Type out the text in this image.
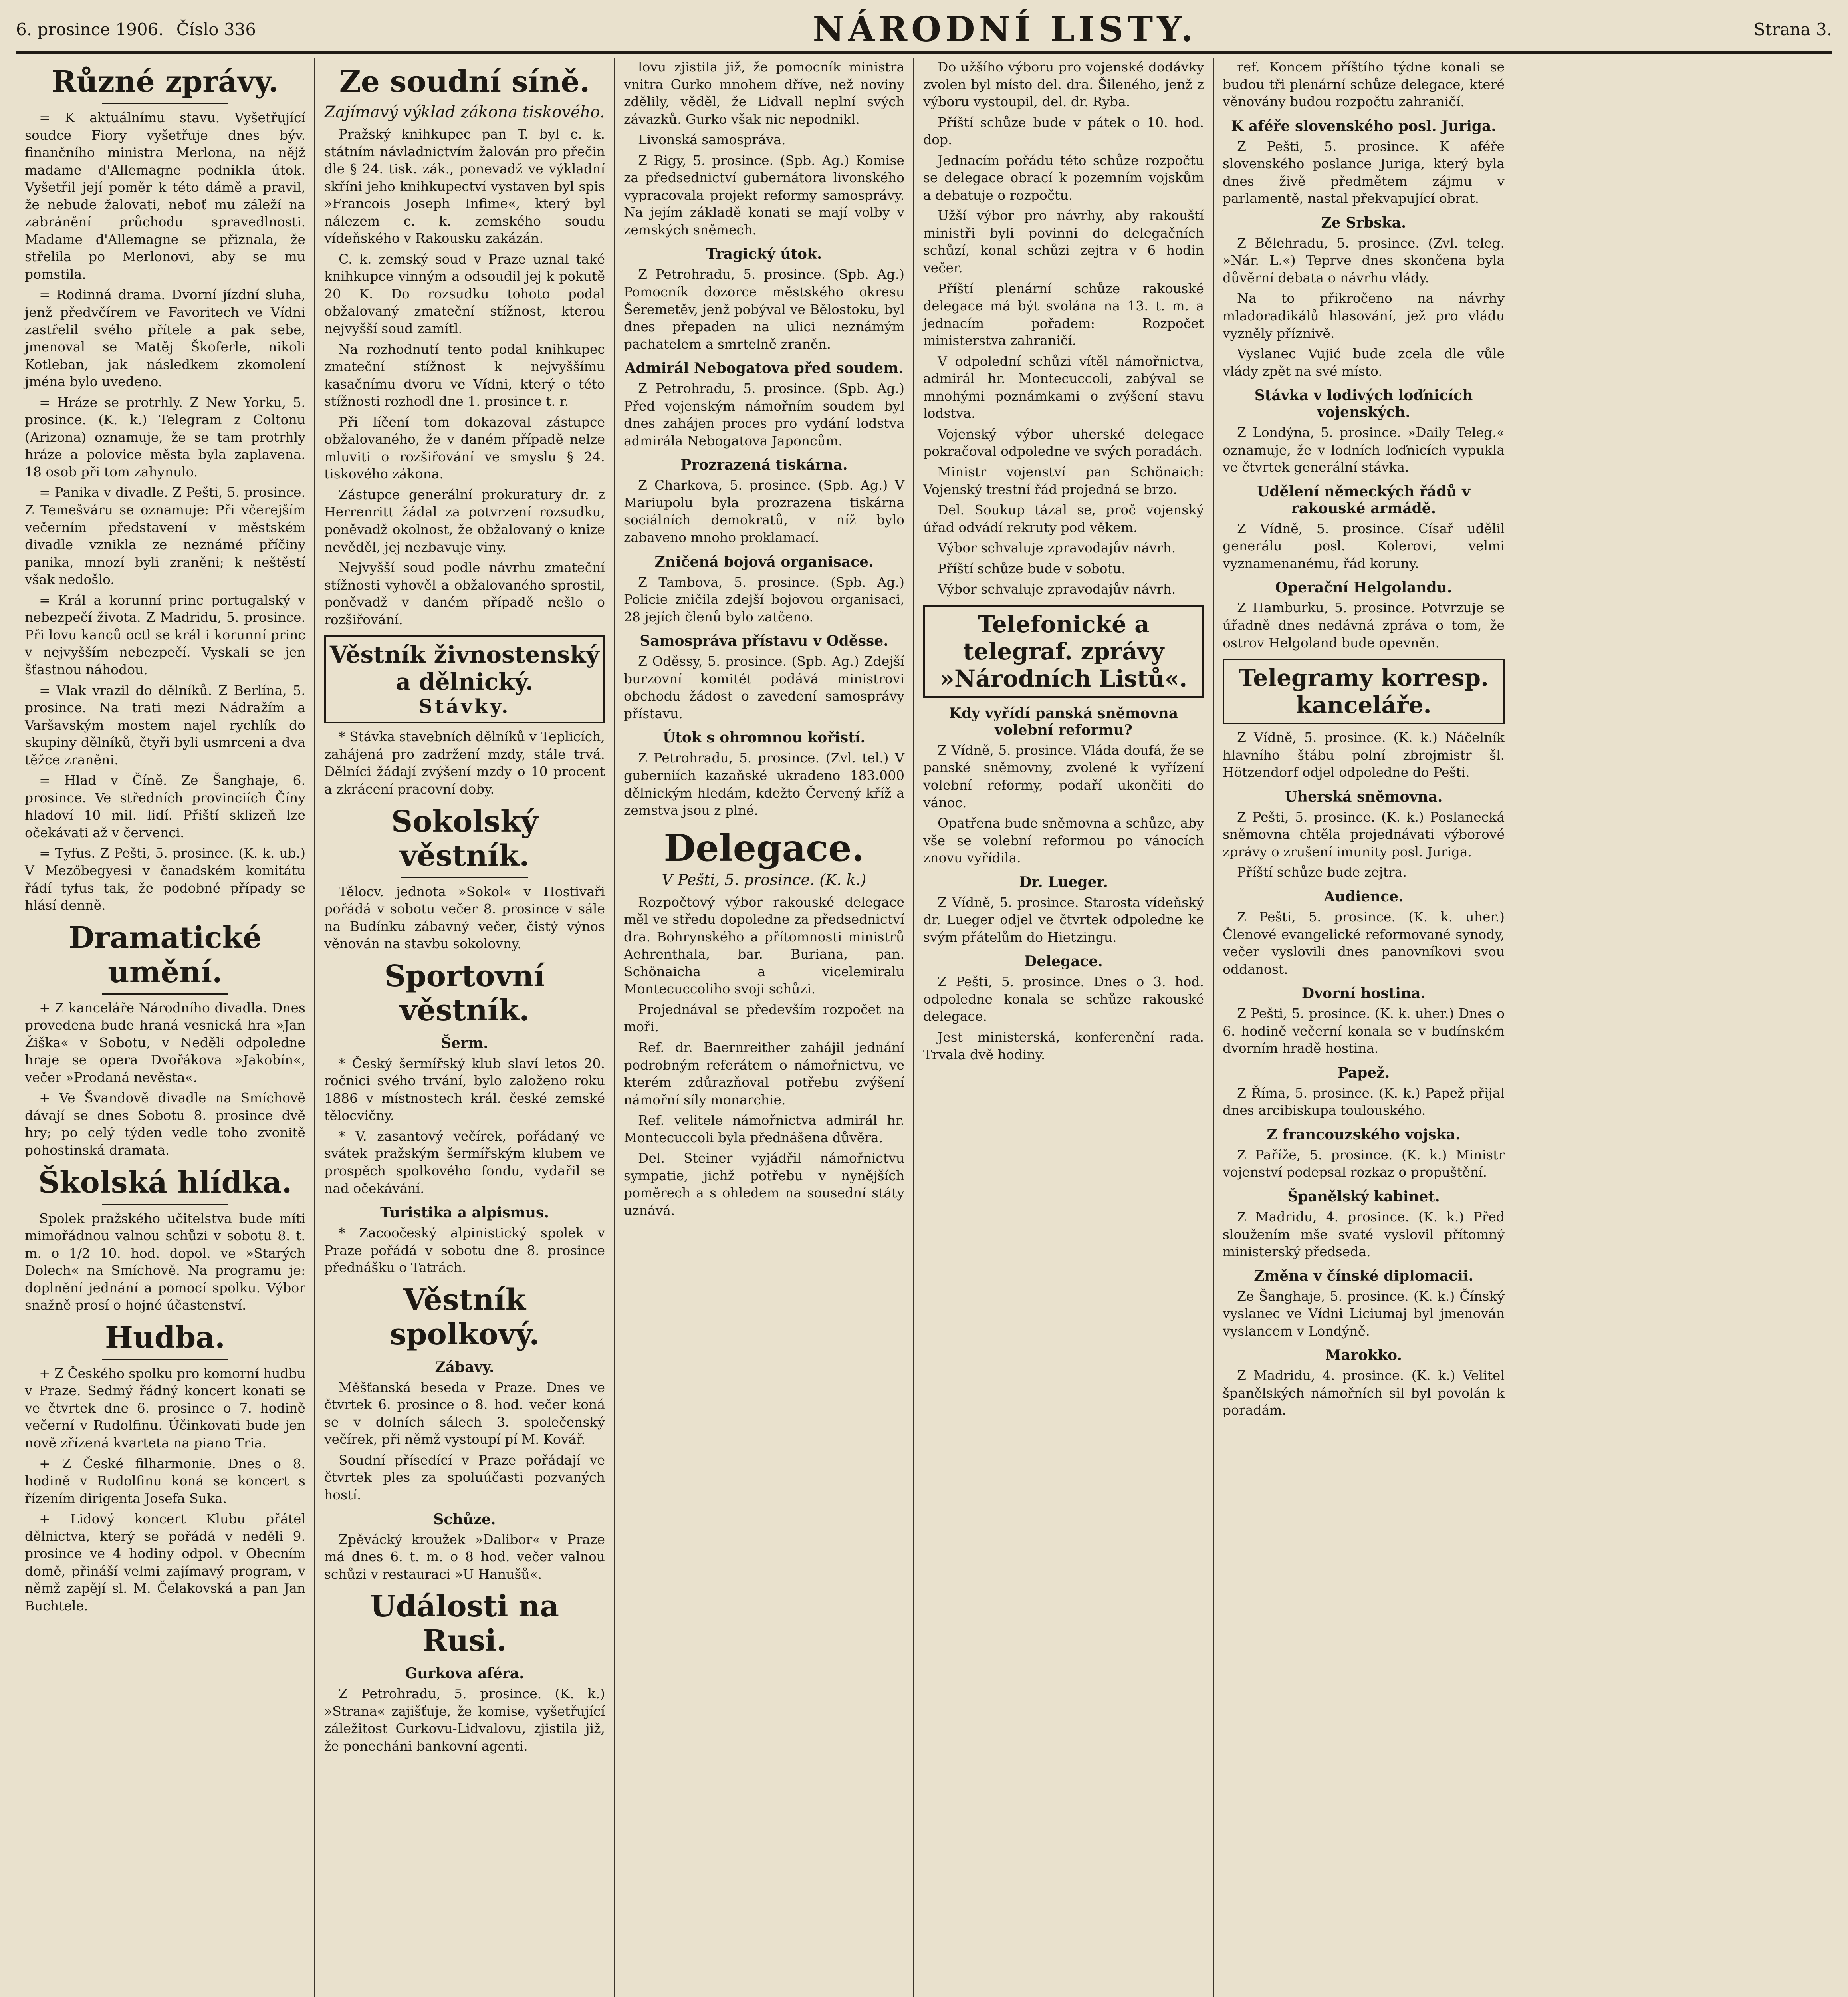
6. prosince 1906. Číslo 336	NÁRODNÍ LISTY.	Strana 3.
Různé zprávy.

= K aktuálnímu stavu. Vyšetřující soudce Fiory vyšetřuje dnes býv. finančního ministra Merlona, na nějž madame d'Allemagne podnikla útok. Vyšetřil její poměr k této dámě a pravil, že nebude žalovati, neboť mu záleží na zabránění průchodu spravedlnosti. Madame d'Allemagne se přiznala, že střelila po Merlonovi, aby se mu pomstila.

= Rodinná drama. Dvorní jízdní sluha, jenž předvčírem ve Favoritech ve Vídni zastřelil svého přítele a pak sebe, jmenoval se Matěj Škoferle, nikoli Kotleban, jak následkem zkomolení jména bylo uvedeno.

= Hráze se protrhly. Z New Yorku, 5. prosince. (K. k.) Telegram z Coltonu (Arizona) oznamuje, že se tam protrhly hráze a polovice města byla zaplavena. 18 osob při tom zahynulo.

= Panika v divadle. Z Pešti, 5. prosince. Z Temešváru se oznamuje: Při včerejším večerním představení v městském divadle vznikla ze neznámé příčiny panika, mnozí byli zraněni; k neštěstí však nedošlo.

= Král a korunní princ portugalský v nebezpečí života. Z Madridu, 5. prosince. Při lovu kanců octl se král i korunní princ v nejvyšším nebezpečí. Vyskali se jen šťastnou náhodou.

= Vlak vrazil do dělníků. Z Berlína, 5. prosince. Na trati mezi Nádražím a Varšavským mostem najel rychlík do skupiny dělníků, čtyři byli usmrceni a dva těžce zraněni.

= Hlad v Číně. Ze Šanghaje, 6. prosince. Ve středních provinciích Číny hladoví 10 mil. lidí. Přiští sklizeň lze očekávati až v červenci.

= Tyfus. Z Pešti, 5. prosince. (K. k. ub.) V Mezőbegyesi v čanadském komitátu řádí tyfus tak, že podobné případy se hlásí denně.

Dramatické umění.

+ Z kanceláře Národního divadla. Dnes provedena bude hraná vesnická hra »Jan Žiška« v Sobotu, v Neděli odpoledne hraje se opera Dvořákova »Jakobín«, večer »Prodaná nevěsta«.

+ Ve Švandově divadle na Smíchově dávají se dnes Sobotu 8. prosince dvě hry; po celý týden vedle toho zvonitě pohostinská dramata.

Školská hlídka.

Spolek pražského učitelstva bude míti mimořádnou valnou schůzi v sobotu 8. t. m. o 1/2 10. hod. dopol. ve »Starých Dolech« na Smíchově. Na programu je: doplnění jednání a pomocí spolku. Výbor snažně prosí o hojné účastenství.

Hudba.

+ Z Českého spolku pro komorní hudbu v Praze. Sedmý řádný koncert konati se ve čtvrtek dne 6. prosince o 7. hodině večerní v Rudolfinu. Účinkovati bude jen nově zřízená kvarteta na piano Tria.

+ Z České filharmonie. Dnes o 8. hodině v Rudolfinu koná se koncert s řízením dirigenta Josefa Suka.

+ Lidový koncert Klubu přátel dělnictva, který se pořádá v neděli 9. prosince ve 4 hodiny odpol. v Obecním domě, přináší velmi zajímavý program, v němž zapějí sl. M. Čelakovská a pan Jan Buchtele.

Ze soudní síně.
Zajímavý výklad zákona tiskového.

Pražský knihkupec pan T. byl c. k. státním návladnictvím žalován pro přečin dle § 24. tisk. zák., ponevadž ve výkladní skříni jeho knihkupectví vystaven byl spis »Francois Joseph Infime«, který byl nálezem c. k. zemského soudu vídeňského v Rakousku zakázán.

C. k. zemský soud v Praze uznal také knihkupce vinným a odsoudil jej k pokutě 20 K. Do rozsudku tohoto podal obžalovaný zmateční stížnost, kterou nejvyšší soud zamítl.

Na rozhodnutí tento podal knihkupec zmateční stížnost k nejvyššímu kasačnímu dvoru ve Vídni, který o této stížnosti rozhodl dne 1. prosince t. r.

Při líčení tom dokazoval zástupce obžalovaného, že v daném případě nelze mluviti o rozšiřování ve smyslu § 24. tiskového zákona.

Zástupce generální prokuratury dr. z Herrenritt žádal za potvrzení rozsudku, poněvadž okolnost, že obžalovaný o knize nevěděl, jej nezbavuje viny.

Nejvyšší soud podle návrhu zmateční stížnosti vyhověl a obžalovaného sprostil, poněvadž v daném případě nešlo o rozšiřování.

Věstník živnostenský a dělnický.
Stávky.

* Stávka stavebních dělníků v Teplicích, zahájená pro zadržení mzdy, stále trvá. Dělníci žádají zvýšení mzdy o 10 procent a zkrácení pracovní doby.

Sokolský věstník.

Tělocv. jednota »Sokol« v Hostivaři pořádá v sobotu večer 8. prosince v sále na Budínku zábavný večer, čistý výnos věnován na stavbu sokolovny.

Sportovní věstník.
Šerm.

* Český šermířský klub slaví letos 20. ročnici svého trvání, bylo založeno roku 1886 v místnostech král. české zemské tělocvičny.

* V. zasantový večírek, pořádaný ve svátek pražským šermířským klubem ve prospěch spolkového fondu, vydařil se nad očekávání.

Turistika a alpismus.

* Zacoočeský alpinistický spolek v Praze pořádá v sobotu dne 8. prosince přednášku o Tatrách.

Věstník spolkový.
Zábavy.

Měšťanská beseda v Praze. Dnes ve čtvrtek 6. prosince o 8. hod. večer koná se v dolních sálech 3. společenský večírek, při němž vystoupí pí M. Kovář.

Soudní přísedící v Praze pořádají ve čtvrtek ples za spoluúčasti pozvaných hostí.

Schůze.

Zpěvácký kroužek »Dalibor« v Praze má dnes 6. t. m. o 8 hod. večer valnou schůzi v restauraci »U Hanušů«.

Události na Rusi.
Gurkova aféra.

Z Petrohradu, 5. prosince. (K. k.) »Strana« zajišťuje, že komise, vyšetřující záležitost Gurkovu-Lidvalovu, zjistila již, že ponecháni bankovní agenti.

lovu zjistila již, že pomocník ministra vnitra Gurko mnohem dříve, než noviny zdělily, věděl, že Lidvall neplní svých závazků. Gurko však nic nepodnikl.

Livonská samospráva.

Z Rigy, 5. prosince. (Spb. Ag.) Komise za předsednictví gubernátora livonského vypracovala projekt reformy samosprávy. Na jejím základě konati se mají volby v zemských sněmech.

Tragický útok.

Z Petrohradu, 5. prosince. (Spb. Ag.) Pomocník dozorce městského okresu Šeremetěv, jenž pobýval ve Bělostoku, byl dnes přepaden na ulici neznámým pachatelem a smrtelně zraněn.

Admirál Nebogatova před soudem.

Z Petrohradu, 5. prosince. (Spb. Ag.) Před vojenským námořním soudem byl dnes zahájen proces pro vydání lodstva admirála Nebogatova Japoncům.

Prozrazená tiskárna.

Z Charkova, 5. prosince. (Spb. Ag.) V Mariupolu byla prozrazena tiskárna sociálních demokratů, v níž bylo zabaveno mnoho proklamací.

Zničená bojová organisace.

Z Tambova, 5. prosince. (Spb. Ag.) Policie zničila zdejší bojovou organisaci, 28 jejích členů bylo zatčeno.

Samospráva přístavu v Oděsse.

Z Oděssy, 5. prosince. (Spb. Ag.) Zdejší burzovní komitét podává ministrovi obchodu žádost o zavedení samosprávy přístavu.

Útok s ohromnou kořistí.

Z Petrohradu, 5. prosince. (Zvl. tel.) V guberniích kazaňské ukradeno 183.000 dělnickým hledám, kdežto Červený kříž a zemstva jsou z plné.

Delegace.
V Pešti, 5. prosince. (K. k.)

Rozpočtový výbor rakouské delegace měl ve středu dopoledne za předsednictví dra. Bohrynského a přítomnosti ministrů Aehrenthala, bar. Buriana, pan. Schönaicha a vicelemiralu Montecuccoliho svoji schůzi.

Projednával se především rozpočet na moři.

Ref. dr. Baernreither zahájil jednání podrobným referátem o námořnictvu, ve kterém zdůrazňoval potřebu zvýšení námořní síly monarchie.

Ref. velitele námořnictva admirál hr. Montecuccoli byla přednášena důvěra.

Del. Steiner vyjádřil námořnictvu sympatie, jichž potřebu v nynějších poměrech a s ohledem na sousední státy uznává.

Do užšího výboru pro vojenské dodávky zvolen byl místo del. dra. Šileného, jenž z výboru vystoupil, del. dr. Ryba.

Příští schůze bude v pátek o 10. hod. dop.

Jednacím pořádu této schůze rozpočtu se delegace obrací k pozemním vojskům a debatuje o rozpočtu.

Užší výbor pro návrhy, aby rakouští ministři byli povinni do delegačních schůzí, konal schůzi zejtra v 6 hodin večer.

Příští plenární schůze rakouské delegace má být svolána na 13. t. m. a jednacím pořadem: Rozpočet ministerstva zahraničí.

V odpolední schůzi vítěl námořnictva, admirál hr. Montecuccoli, zabýval se mnohými poznámkami o zvýšení stavu lodstva.

Vojenský výbor uherské delegace pokračoval odpoledne ve svých poradách.

Ministr vojenství pan Schönaich: Vojenský trestní řád projedná se brzo.

Del. Soukup tázal se, proč vojenský úřad odvádí rekruty pod věkem.

Výbor schvaluje zpravodajův návrh.

Příští schůze bude v sobotu.

Výbor schvaluje zpravodajův návrh.

Telefonické a telegraf. zprávy »Národních Listů«.
Kdy vyřídí panská sněmovna volební reformu?

Z Vídně, 5. prosince. Vláda doufá, že se panské sněmovny, zvolené k vyřízení volební reformy, podaří ukončiti do vánoc.

Opatřena bude sněmovna a schůze, aby vše se volební reformou po vánocích znovu vyřídila.

Dr. Lueger.

Z Vídně, 5. prosince. Starosta vídeňský dr. Lueger odjel ve čtvrtek odpoledne ke svým přátelům do Hietzingu.

Delegace.

Z Pešti, 5. prosince. Dnes o 3. hod. odpoledne konala se schůze rakouské delegace.

Jest ministerská, konferenční rada. Trvala dvě hodiny.

ref. Koncem příštího týdne konali se budou tři plenární schůze delegace, které věnovány budou rozpočtu zahraničí.

K aféře slovenského posl. Juriga.

Z Pešti, 5. prosince. K aféře slovenského poslance Juriga, který byla dnes živě předmětem zájmu v parlamentě, nastal překvapující obrat.

Ze Srbska.

Z Bělehradu, 5. prosince. (Zvl. teleg. »Nár. L.«) Teprve dnes skončena byla důvěrní debata o návrhu vlády.

Na to přikročeno na návrhy mladoradikálů hlasování, jež pro vládu vyzněly příznivě.

Vyslanec Vujić bude zcela dle vůle vlády zpět na své místo.

Stávka v lodivých loďnicích vojenských.

Z Londýna, 5. prosince. »Daily Teleg.« oznamuje, že v lodních loďnicích vypukla ve čtvrtek generální stávka.

Udělení německých řádů v rakouské armádě.

Z Vídně, 5. prosince. Císař udělil generálu posl. Kolerovi, velmi vyznamenanému, řád koruny.

Operační Helgolandu.

Z Hamburku, 5. prosince. Potvrzuje se úřadně dnes nedávná zpráva o tom, že ostrov Helgoland bude opevněn.

Telegramy korresp. kanceláře.

Z Vídně, 5. prosince. (K. k.) Náčelník hlavního štábu polní zbrojmistr šl. Hötzendorf odjel odpoledne do Pešti.

Uherská sněmovna.

Z Pešti, 5. prosince. (K. k.) Poslanecká sněmovna chtěla projednávati výborové zprávy o zrušení imunity posl. Juriga.

Příští schůze bude zejtra.

Audience.

Z Pešti, 5. prosince. (K. k. uher.) Členové evangelické reformované synody, večer vyslovili dnes panovníkovi svou oddanost.

Dvorní hostina.

Z Pešti, 5. prosince. (K. k. uher.) Dnes o 6. hodině večerní konala se v budínském dvorním hradě hostina.

Papež.

Z Říma, 5. prosince. (K. k.) Papež přijal dnes arcibiskupa toulouského.

Z francouzského vojska.

Z Paříže, 5. prosince. (K. k.) Ministr vojenství podepsal rozkaz o propuštění.

Španělský kabinet.

Z Madridu, 4. prosince. (K. k.) Před sloužením mše svaté vyslovil přítomný ministerský předseda.

Změna v čínské diplomacii.

Ze Šanghaje, 5. prosince. (K. k.) Čínský vyslanec ve Vídni Liciumaj byl jmenován vyslancem v Londýně.

Marokko.

Z Madridu, 4. prosince. (K. k.) Velitel španělských námořních sil byl povolán k poradám.
